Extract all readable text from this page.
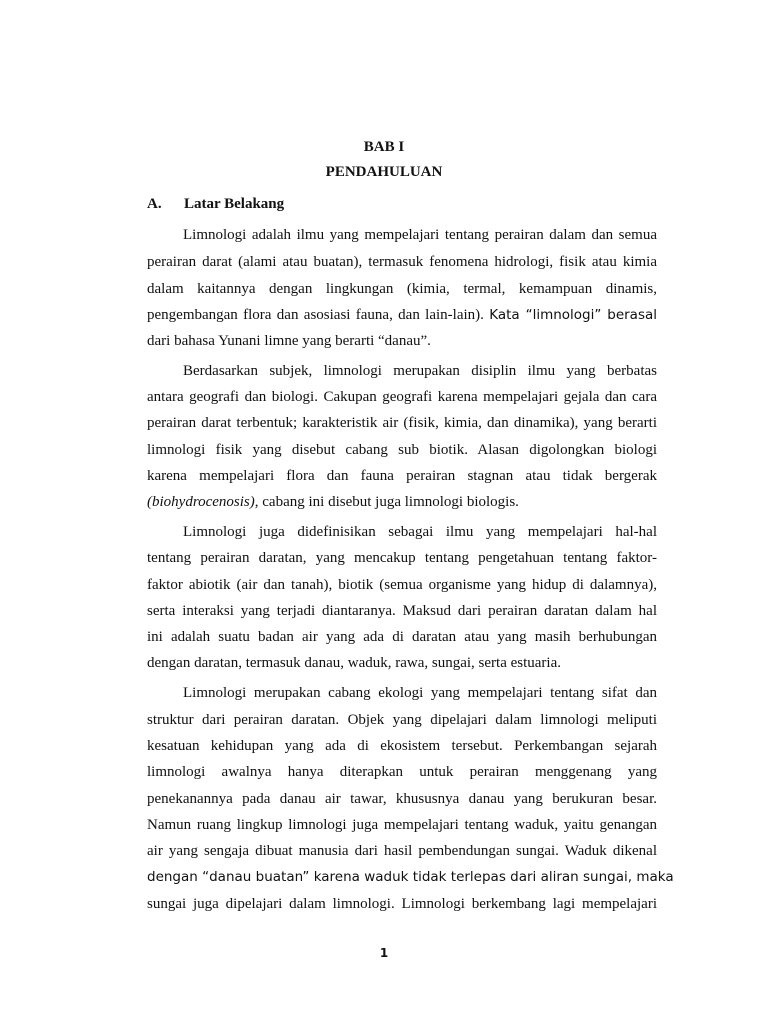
BAB I

PENDAHULUAN

A. Latar Belakang
Limnologi adalah ilmu yang mempelajari tentang perairan dalam dan semua
perairan darat (alami atau buatan), termasuk fenomena hidrologi, fisik atau kimia
dalam kaitannya dengan lingkungan (kimia, termal, kemampuan dinamis,
pengembangan flora dan asosiasi fauna, dan lain-lain). Kata “limnologi” berasal
dari bahasa Yunani limne yang berarti “danau”.
Berdasarkan subjek, limnologi merupakan disiplin ilmu yang berbatas
antara geografi dan biologi. Cakupan geografi karena mempelajari gejala dan cara
perairan darat terbentuk; karakteristik air (fisik, kimia, dan dinamika), yang berarti
limnologi fisik yang disebut cabang sub biotik. Alasan digolongkan biologi
karena mempelajari flora dan fauna perairan stagnan atau tidak bergerak
(biohydrocenosis), cabang ini disebut juga limnologi biologis.
Limnologi juga didefinisikan sebagai ilmu yang mempelajari hal-hal
tentang perairan daratan, yang mencakup tentang pengetahuan tentang faktor-
faktor abiotik (air dan tanah), biotik (semua organisme yang hidup di dalamnya),
serta interaksi yang terjadi diantaranya. Maksud dari perairan daratan dalam hal
ini adalah suatu badan air yang ada di daratan atau yang masih berhubungan
dengan daratan, termasuk danau, waduk, rawa, sungai, serta estuaria.
Limnologi merupakan cabang ekologi yang mempelajari tentang sifat dan
struktur dari perairan daratan. Objek yang dipelajari dalam limnologi meliputi
kesatuan kehidupan yang ada di ekosistem tersebut. Perkembangan sejarah
limnologi awalnya hanya diterapkan untuk perairan menggenang yang
penekanannya pada danau air tawar, khususnya danau yang berukuran besar.
Namun ruang lingkup limnologi juga mempelajari tentang waduk, yaitu genangan
air yang sengaja dibuat manusia dari hasil pembendungan sungai. Waduk dikenal
dengan “danau buatan” karena waduk tidak terlepas dari aliran sungai, maka
sungai juga dipelajari dalam limnologi. Limnologi berkembang lagi mempelajari
1
